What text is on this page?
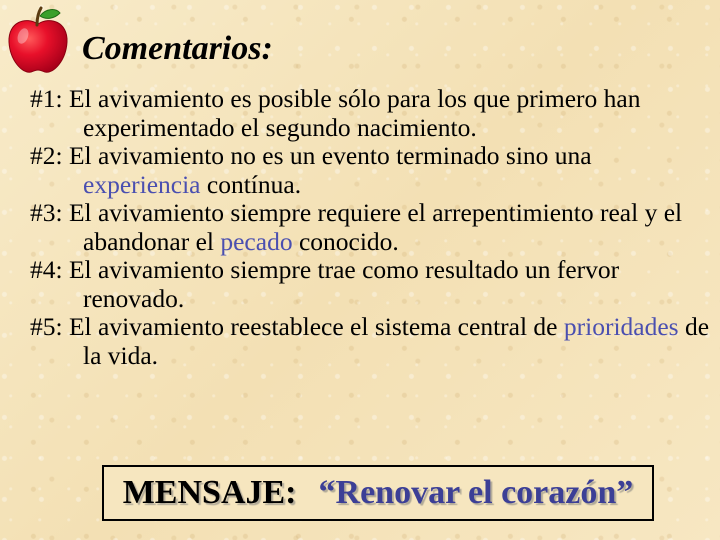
Comentarios:
#1: El avivamiento es posible sólo para los que primero han experimentado el segundo nacimiento.
#2: El avivamiento no es un evento terminado sino una experiencia contínua.
#3: El avivamiento siempre requiere el arrepentimiento real y el abandonar el pecado conocido.
#4: El avivamiento siempre trae como resultado un fervor renovado.
#5: El avivamiento reestablece el sistema central de prioridades de la vida.
MENSAJE: “Renovar el corazón”
